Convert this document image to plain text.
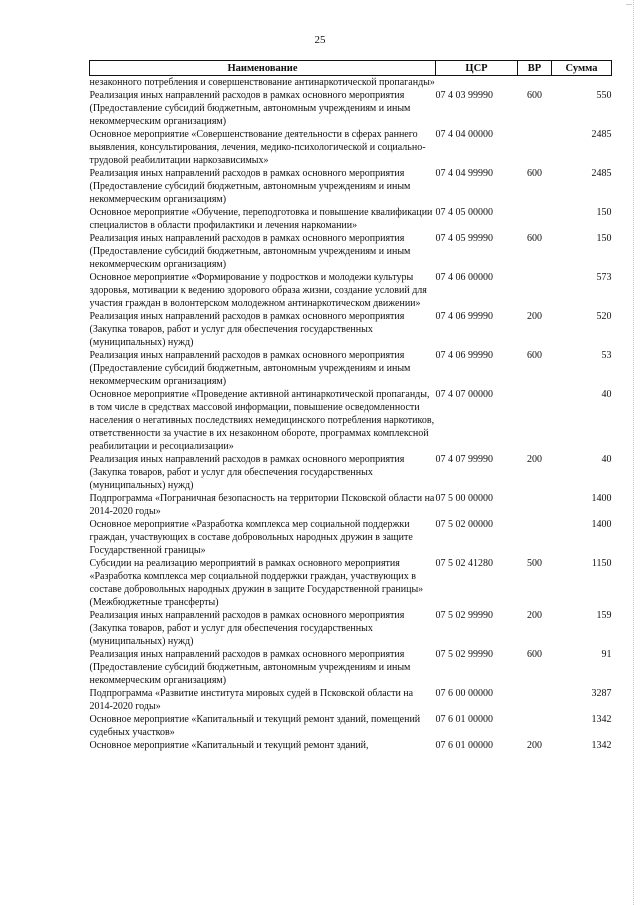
25
—
Наименование	ЦСР	ВР	Сумма
незаконного потребления и совершенствование антинаркотической пропаганды»			
Реализация иных направлений расходов в рамках основного мероприятия (Предоставление субсидий бюджетным, автономным учреждениям и иным некоммерческим организациям)	07 4 03 99990	600	550
Основное мероприятие «Совершенствование деятельности в сферах раннего выявления, консультирования, лечения, медико-психологической и социально-трудовой реабилитации наркозависимых»	07 4 04 00000		2485
Реализация иных направлений расходов в рамках основного мероприятия (Предоставление субсидий бюджетным, автономным учреждениям и иным некоммерческим организациям)	07 4 04 99990	600	2485
Основное мероприятие «Обучение, переподготовка и повышение квалификации специалистов в области профилактики и лечения наркомании»	07 4 05 00000		150
Реализация иных направлений расходов в рамках основного мероприятия (Предоставление субсидий бюджетным, автономным учреждениям и иным некоммерческим организациям)	07 4 05 99990	600	150
Основное мероприятие «Формирование у подростков и молодежи культуры здоровья, мотивации к ведению здорового образа жизни, создание условий для участия граждан в волонтерском молодежном антинаркотическом движении»	07 4 06 00000		573
Реализация иных направлений расходов в рамках основного мероприятия (Закупка товаров, работ и услуг для обеспечения государственных (муниципальных) нужд)	07 4 06 99990	200	520
Реализация иных направлений расходов в рамках основного мероприятия (Предоставление субсидий бюджетным, автономным учреждениям и иным некоммерческим организациям)	07 4 06 99990	600	53
Основное мероприятие «Проведение активной антинаркотической пропаганды, в том числе в средствах массовой информации, повышение осведомленности населения о негативных последствиях немедицинского потребления наркотиков, ответственности за участие в их незаконном обороте, программах комплексной реабилитации и ресоциализации»	07 4 07 00000		40
Реализация иных направлений расходов в рамках основного мероприятия (Закупка товаров, работ и услуг для обеспечения государственных (муниципальных) нужд)	07 4 07 99990	200	40
Подпрограмма «Пограничная безопасность на территории Псковской области на 2014-2020 годы»	07 5 00 00000		1400
Основное мероприятие «Разработка комплекса мер социальной поддержки граждан, участвующих в составе добровольных народных дружин в защите Государственной границы»	07 5 02 00000		1400
Субсидии на реализацию мероприятий в рамках основного мероприятия «Разработка комплекса мер социальной поддержки граждан, участвующих в составе добровольных народных дружин в защите Государственной границы» (Межбюджетные трансферты)	07 5 02 41280	500	1150
Реализация иных направлений расходов в рамках основного мероприятия (Закупка товаров, работ и услуг для обеспечения государственных (муниципальных) нужд)	07 5 02 99990	200	159
Реализация иных направлений расходов в рамках основного мероприятия (Предоставление субсидий бюджетным, автономным учреждениям и иным некоммерческим организациям)	07 5 02 99990	600	91
Подпрограмма «Развитие института мировых судей в Псковской области на 2014-2020 годы»	07 6 00 00000		3287
Основное мероприятие «Капитальный и текущий ремонт зданий, помещений судебных участков»	07 6 01 00000		1342
Основное мероприятие «Капитальный и текущий ремонт зданий,	07 6 01 00000	200	1342
